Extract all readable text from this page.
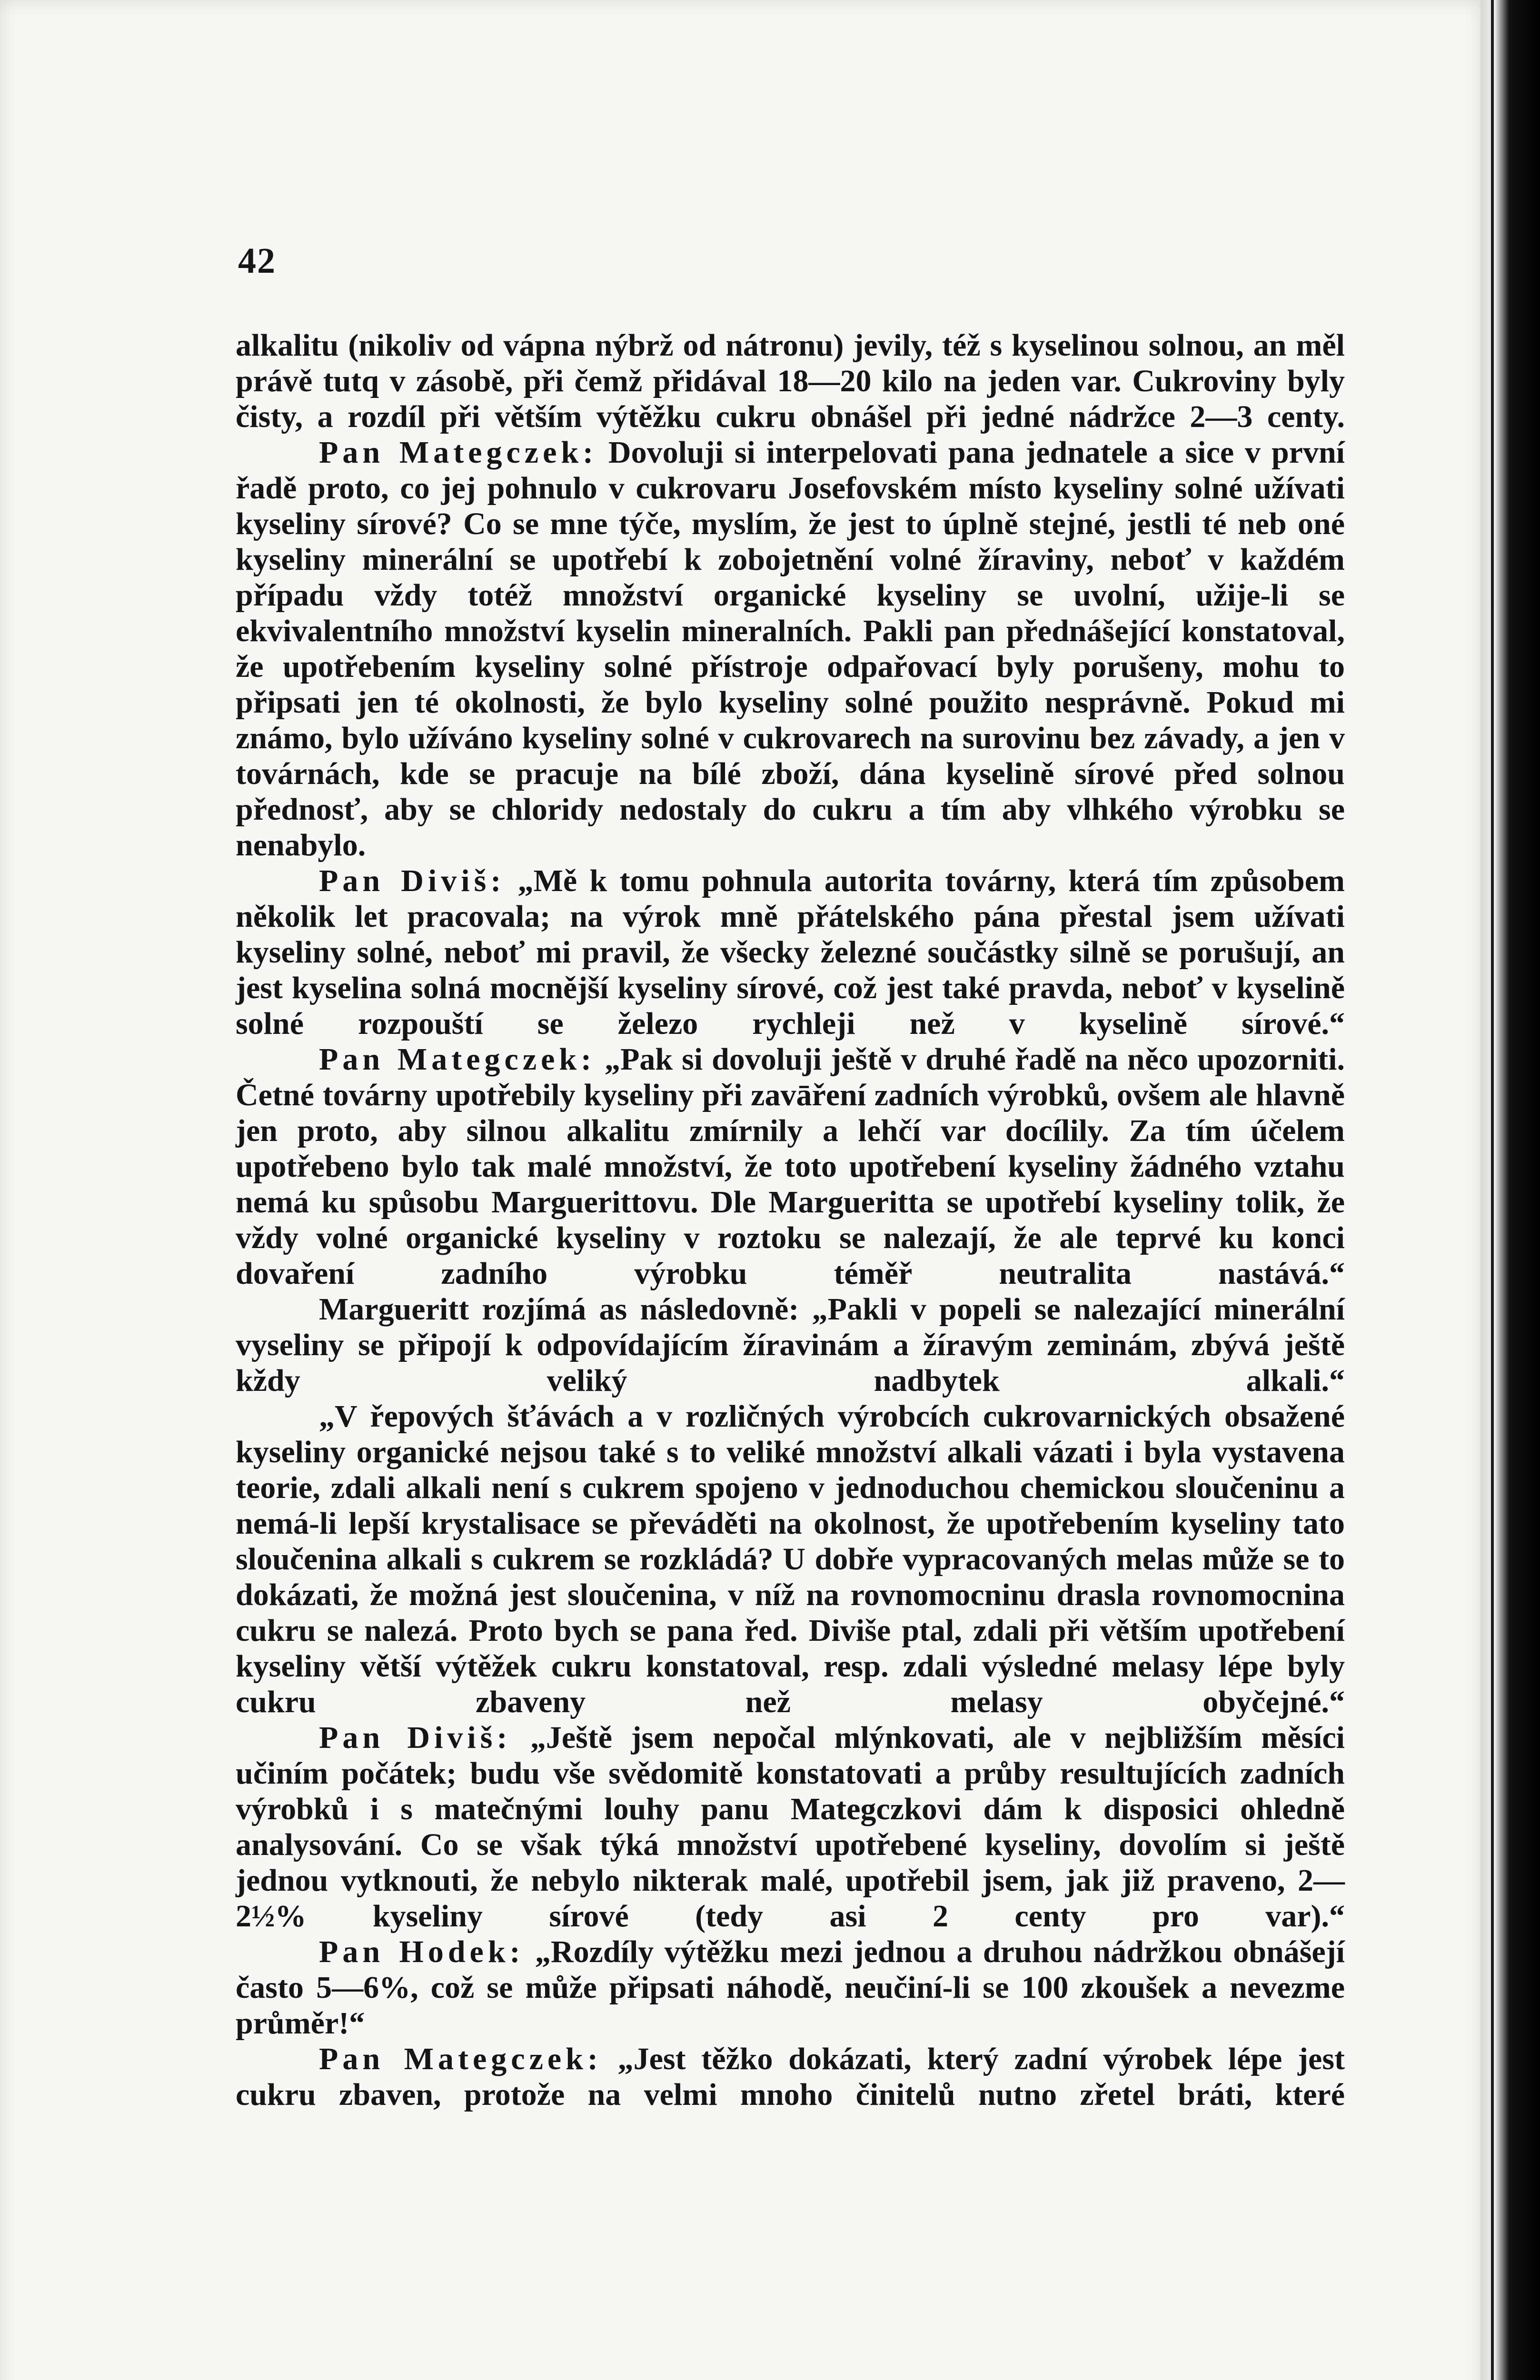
42

alkalitu (nikoliv od vápna nýbrž od nátronu) jevily, též s kyselinou solnou, an měl právě tutq v zásobě, při čemž přidával 18—20 kilo na jeden var. Cukroviny byly čisty, a rozdíl při větším výtěžku cukru obnášel při jedné nádržce 2—3 centy.

Pan Mategczek: Dovoluji si interpelovati pana jednatele a sice v první řadě proto, co jej pohnulo v cukrovaru Josefovském místo kyseliny solné užívati kyseliny sírové? Co se mne týče, myslím, že jest to úplně stejné, jestli té neb oné kyseliny minerální se upotřebí k zobojetnění volné žíraviny, neboť v každém případu vždy totéž množství organické kyseliny se uvolní, užije-li se ekvivalentního množství kyselin mineralních. Pakli pan přednášející konstatoval, že upotřebením kyseliny solné přístroje odpařovací byly porušeny, mohu to připsati jen té okolnosti, že bylo kyseliny solné použito nesprávně. Pokud mi známo, bylo užíváno kyseliny solné v cukrovarech na surovinu bez závady, a jen v továrnách, kde se pracuje na bílé zboží, dána kyselině sírové před solnou přednosť, aby se chloridy nedostaly do cukru a tím aby vlhkého výrobku se nenabylo.

Pan Diviš: „Mě k tomu pohnula autorita továrny, která tím způsobem několik let pracovala; na výrok mně přátelského pána přestal jsem užívati kyseliny solné, neboť mi pravil, že všecky železné součástky silně se porušují, an jest kyselina solná mocnější kyseliny sírové, což jest také pravda, neboť v kyselině solné rozpouští se železo rychleji než v kyselině sírové.“

Pan Mategczek: „Pak si dovoluji ještě v druhé řadě na něco upozorniti. Četné továrny upotřebily kyseliny při zavāření zadních výrobků, ovšem ale hlavně jen proto, aby silnou alkalitu zmírnily a lehčí var docílily. Za tím účelem upotřebeno bylo tak malé množství, že toto upotřebení kyseliny žádného vztahu nemá ku spůsobu Marguerittovu. Dle Margueritta se upotřebí kyseliny tolik, že vždy volné organické kyseliny v roztoku se nalezají, že ale teprvé ku konci dovaření zadního výrobku téměř neutralita nastává.“

Margueritt rozjímá as následovně: „Pakli v popeli se nalezající minerální vyseliny se připojí k odpovídajícím žíravinám a žíravým zeminám, zbývá ještě kždy veliký nadbytek alkali.“

„V řepových šťávách a v rozličných výrobcích cukrovarnických obsažené kyseliny organické nejsou také s to veliké množství alkali vázati i byla vystavena teorie, zdali alkali není s cukrem spojeno v jednoduchou chemickou sloučeninu a nemá-li lepší krystalisace se převáděti na okolnost, že upotřebením kyseliny tato sloučenina alkali s cukrem se rozkládá? U dobře vypracovaných melas může se to dokázati, že možná jest sloučenina, v níž na rovnomocninu drasla rovnomocnina cukru se nalezá. Proto bych se pana řed. Diviše ptal, zdali při větším upotřebení kyseliny větší výtěžek cukru konstatoval, resp. zdali výsledné melasy lépe byly cukru zbaveny než melasy obyčejné.“

Pan Diviš: „Ještě jsem nepočal mlýnkovati, ale v nejbližším měsíci učiním počátek; budu vše svědomitě konstatovati a průby resultujících zadních výrobků i s matečnými louhy panu Mategczkovi dám k disposici ohledně analysování. Co se však týká množství upotřebené kyseliny, dovolím si ještě jednou vytknouti, že nebylo nikterak malé, upotřebil jsem, jak již praveno, 2—2½% kyseliny sírové (tedy asi 2 centy pro var).“

Pan Hodek: „Rozdíly výtěžku mezi jednou a druhou nádržkou obnášejí často 5—6%, což se může připsati náhodě, neučiní-li se 100 zkoušek a nevezme průměr!“

Pan Mategczek: „Jest těžko dokázati, který zadní výrobek lépe jest cukru zbaven, protože na velmi mnoho činitelů nutno zřetel bráti, které
